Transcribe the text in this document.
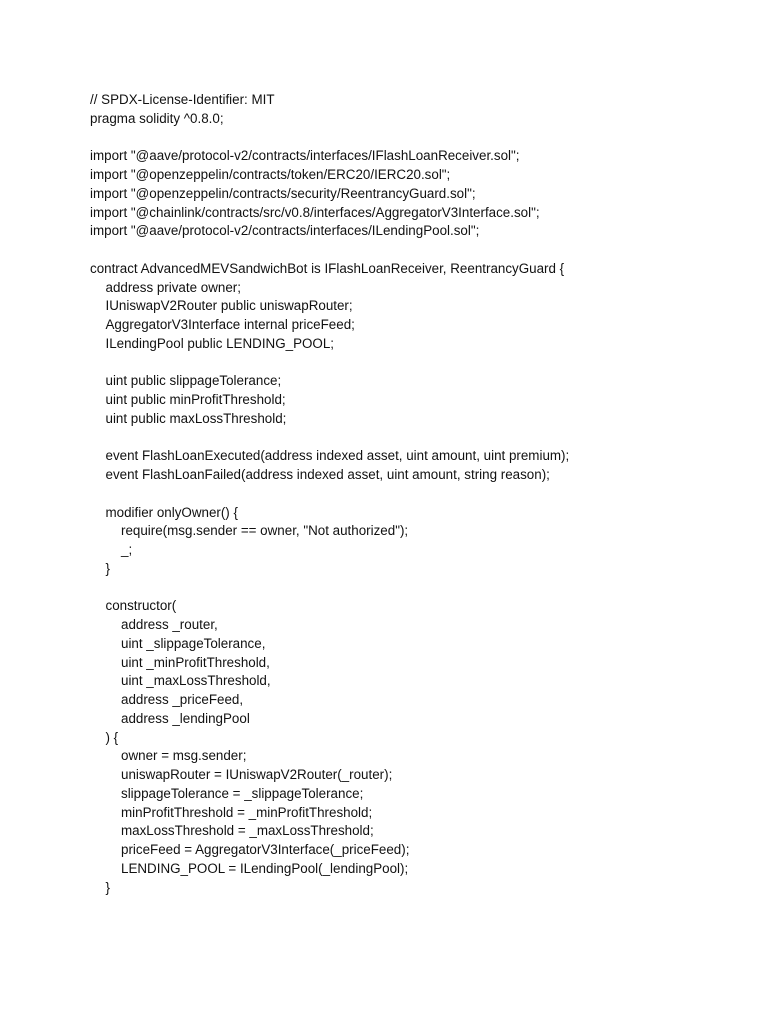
// SPDX-License-Identifier: MIT
pragma solidity ^0.8.0;
import "@aave/protocol-v2/contracts/interfaces/IFlashLoanReceiver.sol";
import "@openzeppelin/contracts/token/ERC20/IERC20.sol";
import "@openzeppelin/contracts/security/ReentrancyGuard.sol";
import "@chainlink/contracts/src/v0.8/interfaces/AggregatorV3Interface.sol";
import "@aave/protocol-v2/contracts/interfaces/ILendingPool.sol";
contract AdvancedMEVSandwichBot is IFlashLoanReceiver, ReentrancyGuard {
address private owner;
IUniswapV2Router public uniswapRouter;
AggregatorV3Interface internal priceFeed;
ILendingPool public LENDING_POOL;
uint public slippageTolerance;
uint public minProfitThreshold;
uint public maxLossThreshold;
event FlashLoanExecuted(address indexed asset, uint amount, uint premium);
event FlashLoanFailed(address indexed asset, uint amount, string reason);
modifier onlyOwner() {
require(msg.sender == owner, "Not authorized");
_;
}
constructor(
address _router,
uint _slippageTolerance,
uint _minProfitThreshold,
uint _maxLossThreshold,
address _priceFeed,
address _lendingPool
) {
owner = msg.sender;
uniswapRouter = IUniswapV2Router(_router);
slippageTolerance = _slippageTolerance;
minProfitThreshold = _minProfitThreshold;
maxLossThreshold = _maxLossThreshold;
priceFeed = AggregatorV3Interface(_priceFeed);
LENDING_POOL = ILendingPool(_lendingPool);
}
